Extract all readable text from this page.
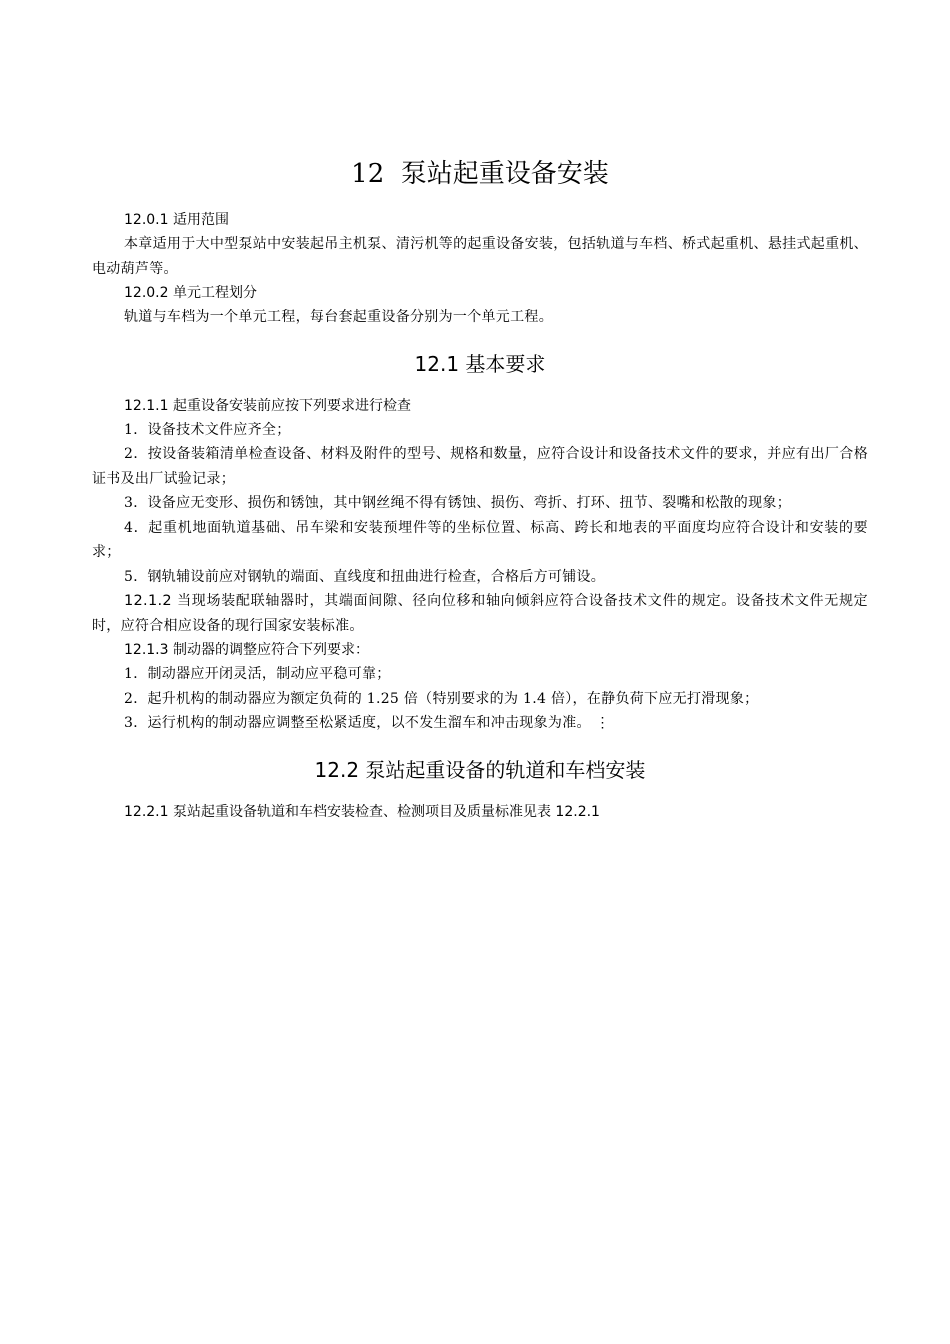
12 泵站起重设备安装

12.0.1 适用范围

本章适用于大中型泵站中安装起吊主机泵、清污机等的起重设备安装，包括轨道与车档、桥式起重机、悬挂式起重机、电动葫芦等。

12.0.2 单元工程划分

轨道与车档为一个单元工程，每台套起重设备分别为一个单元工程。

12.1 基本要求

12.1.1 起重设备安装前应按下列要求进行检查

1．设备技术文件应齐全；

2．按设备装箱清单检查设备、材料及附件的型号、规格和数量，应符合设计和设备技术文件的要求，并应有出厂合格证书及出厂试验记录；

3．设备应无变形、损伤和锈蚀，其中钢丝绳不得有锈蚀、损伤、弯折、打环、扭节、裂嘴和松散的现象；

4．起重机地面轨道基础、吊车梁和安装预埋件等的坐标位置、标高、跨长和地表的平面度均应符合设计和安装的要求；

5．钢轨辅设前应对钢轨的端面、直线度和扭曲进行检查，合格后方可铺设。

12.1.2 当现场装配联轴器时，其端面间隙、径向位移和轴向倾斜应符合设备技术文件的规定。设备技术文件无规定时，应符合相应设备的现行国家安装标准。

12.1.3 制动器的调整应符合下列要求：

1．制动器应开闭灵活，制动应平稳可靠；

2．起升机构的制动器应为额定负荷的 1.25 倍（特别要求的为 1.4 倍），在静负荷下应无打滑现象；

3．运行机构的制动器应调整至松紧适度，以不发生溜车和冲击现象为准。 ⋮

12.2 泵站起重设备的轨道和车档安装

12.2.1 泵站起重设备轨道和车档安装检查、检测项目及质量标准见表 12.2.1
